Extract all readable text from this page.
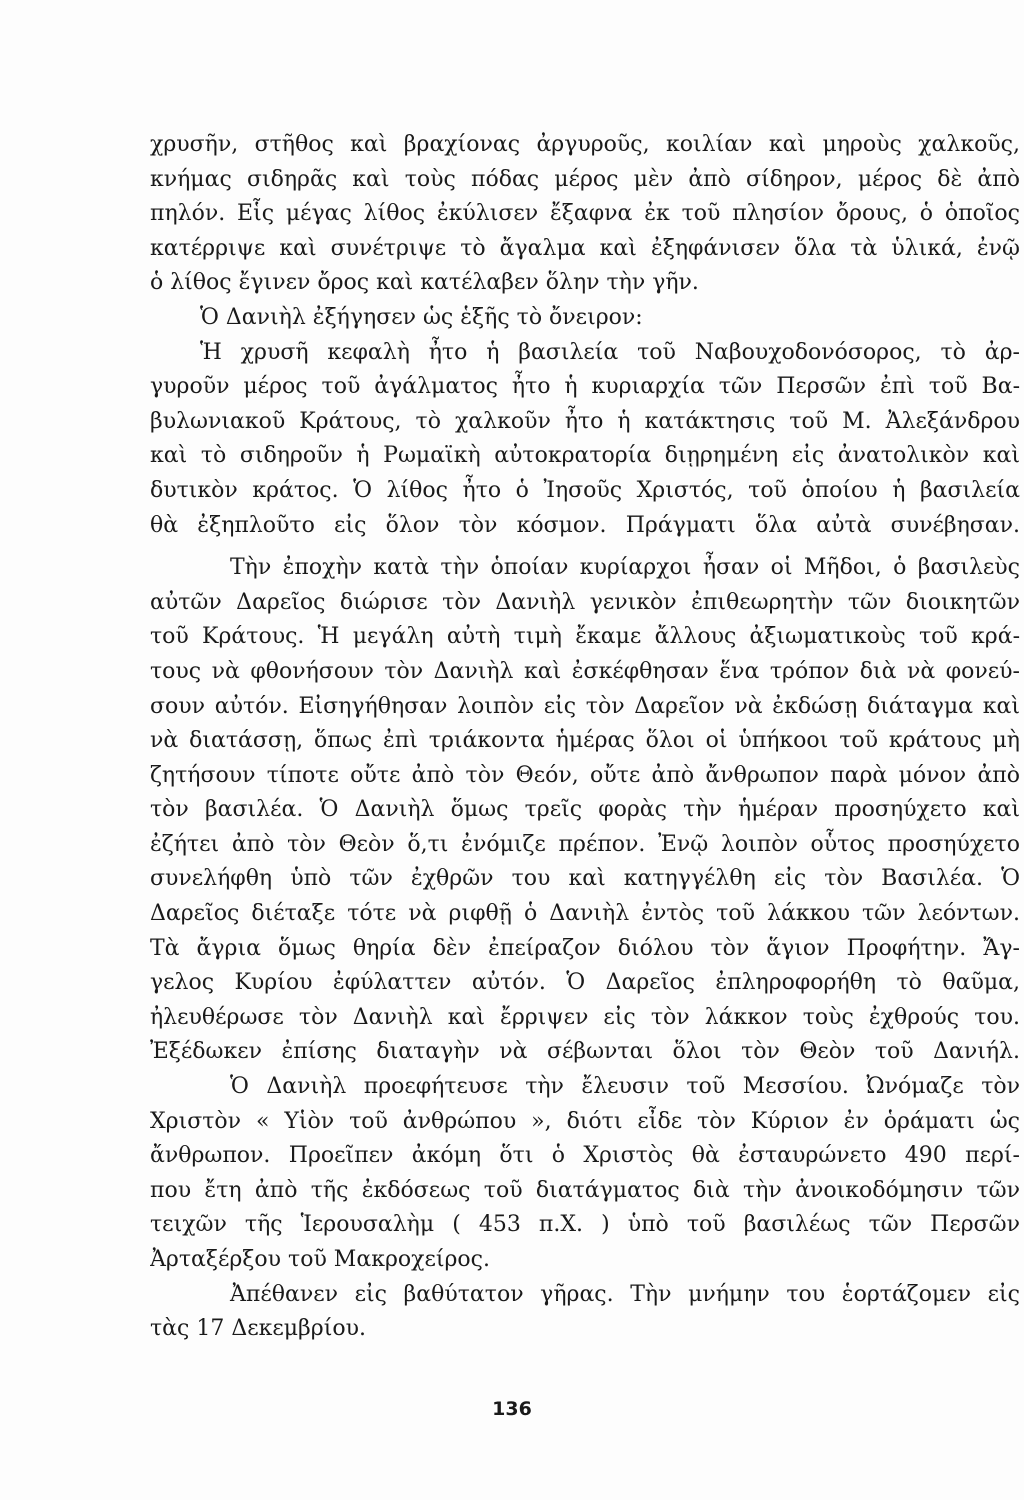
χρυσῆν, στῆθος καὶ βραχίονας ἀργυροῦς, κοιλίαν καὶ μηροὺς χαλκοῦς,
κνήμας σιδηρᾶς καὶ τοὺς πόδας μέρος μὲν ἀπὸ σίδηρον, μέρος δὲ ἀπὸ
πηλόν. Εἷς μέγας λίθος ἐκύλισεν ἔξαφνα ἐκ τοῦ πλησίον ὄρους, ὁ ὁποῖος
κατέρριψε καὶ συνέτριψε τὸ ἄγαλμα καὶ ἐξηφάνισεν ὅλα τὰ ὑλικά, ἐνῷ
ὁ λίθος ἔγινεν ὄρος καὶ κατέλαβεν ὅλην τὴν γῆν.
Ὁ Δανιὴλ ἐξήγησεν ὡς ἑξῆς τὸ ὄνειρον:
Ἡ χρυσῆ κεφαλὴ ἦτο ἡ βασιλεία τοῦ Ναβουχοδονόσορος, τὸ ἀρ-
γυροῦν μέρος τοῦ ἀγάλματος ἦτο ἡ κυριαρχία τῶν Περσῶν ἐπὶ τοῦ Βα-
βυλωνιακοῦ Κράτους, τὸ χαλκοῦν ἦτο ἡ κατάκτησις τοῦ Μ. Ἀλεξάνδρου
καὶ τὸ σιδηροῦν ἡ Ρωμαϊκὴ αὐτοκρατορία διῃρημένη εἰς ἀνατολικὸν καὶ
δυτικὸν κράτος. Ὁ λίθος ἦτο ὁ Ἰησοῦς Χριστός, τοῦ ὁποίου ἡ βασιλεία
θὰ ἐξηπλοῦτο εἰς ὅλον τὸν κόσμον. Πράγματι ὅλα αὐτὰ συνέβησαν.
Τὴν ἐποχὴν κατὰ τὴν ὁποίαν κυρίαρχοι ἦσαν οἱ Μῆδοι, ὁ βασιλεὺς
αὐτῶν Δαρεῖος διώρισε τὸν Δανιὴλ γενικὸν ἐπιθεωρητὴν τῶν διοικητῶν
τοῦ Κράτους. Ἡ μεγάλη αὐτὴ τιμὴ ἔκαμε ἄλλους ἀξιωματικοὺς τοῦ κρά-
τους νὰ φθονήσουν τὸν Δανιὴλ καὶ ἐσκέφθησαν ἕνα τρόπον διὰ νὰ φονεύ-
σουν αὐτόν. Εἰσηγήθησαν λοιπὸν εἰς τὸν Δαρεῖον νὰ ἐκδώσῃ διάταγμα καὶ
νὰ διατάσσῃ, ὅπως ἐπὶ τριάκοντα ἡμέρας ὅλοι οἱ ὑπήκοοι τοῦ κράτους μὴ
ζητήσουν τίποτε οὔτε ἀπὸ τὸν Θεόν, οὔτε ἀπὸ ἄνθρωπον παρὰ μόνον ἀπὸ
τὸν βασιλέα. Ὁ Δανιὴλ ὅμως τρεῖς φορὰς τὴν ἡμέραν προσηύχετο καὶ
ἐζήτει ἀπὸ τὸν Θεὸν ὅ,τι ἐνόμιζε πρέπον. Ἐνῷ λοιπὸν οὗτος προσηύχετο
συνελήφθη ὑπὸ τῶν ἐχθρῶν του καὶ κατηγγέλθη εἰς τὸν Βασιλέα. Ὁ
Δαρεῖος διέταξε τότε νὰ ριφθῇ ὁ Δανιὴλ ἐντὸς τοῦ λάκκου τῶν λεόντων.
Τὰ ἄγρια ὅμως θηρία δὲν ἐπείραζον διόλου τὸν ἅγιον Προφήτην. Ἄγ-
γελος Κυρίου ἐφύλαττεν αὐτόν. Ὁ Δαρεῖος ἐπληροφορήθη τὸ θαῦμα,
ἠλευθέρωσε τὸν Δανιὴλ καὶ ἔρριψεν εἰς τὸν λάκκον τοὺς ἐχθρούς του.
Ἐξέδωκεν ἐπίσης διαταγὴν νὰ σέβωνται ὅλοι τὸν Θεὸν τοῦ Δανιήλ.
Ὁ Δανιὴλ προεφήτευσε τὴν ἔλευσιν τοῦ Μεσσίου. Ὠνόμαζε τὸν
Χριστὸν « Υἱὸν τοῦ ἀνθρώπου », διότι εἶδε τὸν Κύριον ἐν ὁράματι ὡς
ἄνθρωπον. Προεῖπεν ἀκόμη ὅτι ὁ Χριστὸς θὰ ἐσταυρώνετο 490 περί-
που ἔτη ἀπὸ τῆς ἐκδόσεως τοῦ διατάγματος διὰ τὴν ἀνοικοδόμησιν τῶν
τειχῶν τῆς Ἱερουσαλὴμ ( 453 π.Χ. ) ὑπὸ τοῦ βασιλέως τῶν Περσῶν
Ἀρταξέρξου τοῦ Μακροχείρος.
Ἀπέθανεν εἰς βαθύτατον γῆρας. Τὴν μνήμην του ἑορτάζομεν εἰς
τὰς 17 Δεκεμβρίου.
136
